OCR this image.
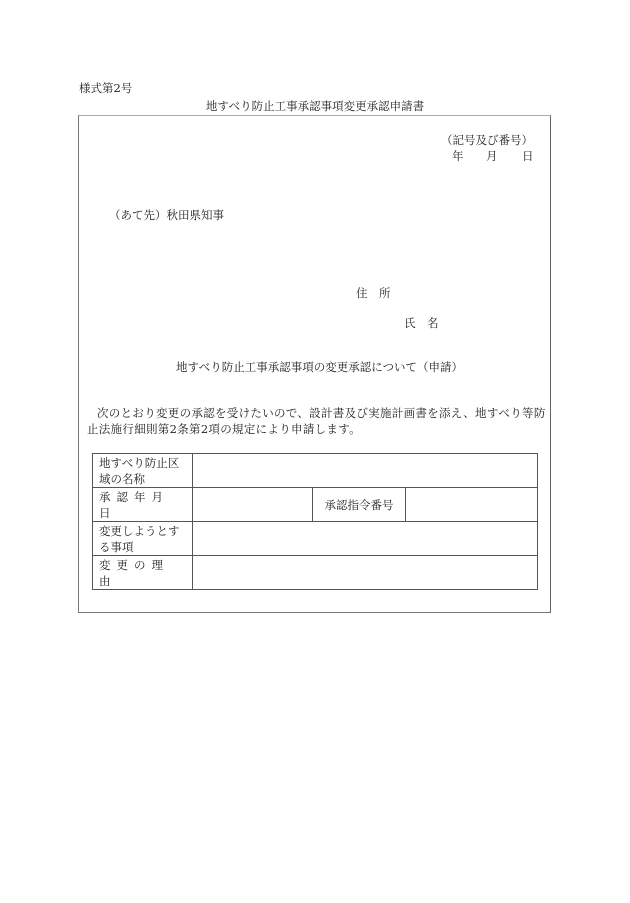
様式第2号
地すべり防止工事承認事項変更承認申請書
（記号及び番号）
年 月 日
（あて先）秋田県知事
住　所
氏　名
地すべり防止工事承認事項の変更承認について（申請）
次のとおり変更の承認を受けたいので、設計書及び実施計画書を添え、地すべり等防止法施行細則第2条第2項の規定により申請します。
地すべり防止区域の名称			
承認年月日		承認指令番号	
変更しようとする事項			
変更の理由			
